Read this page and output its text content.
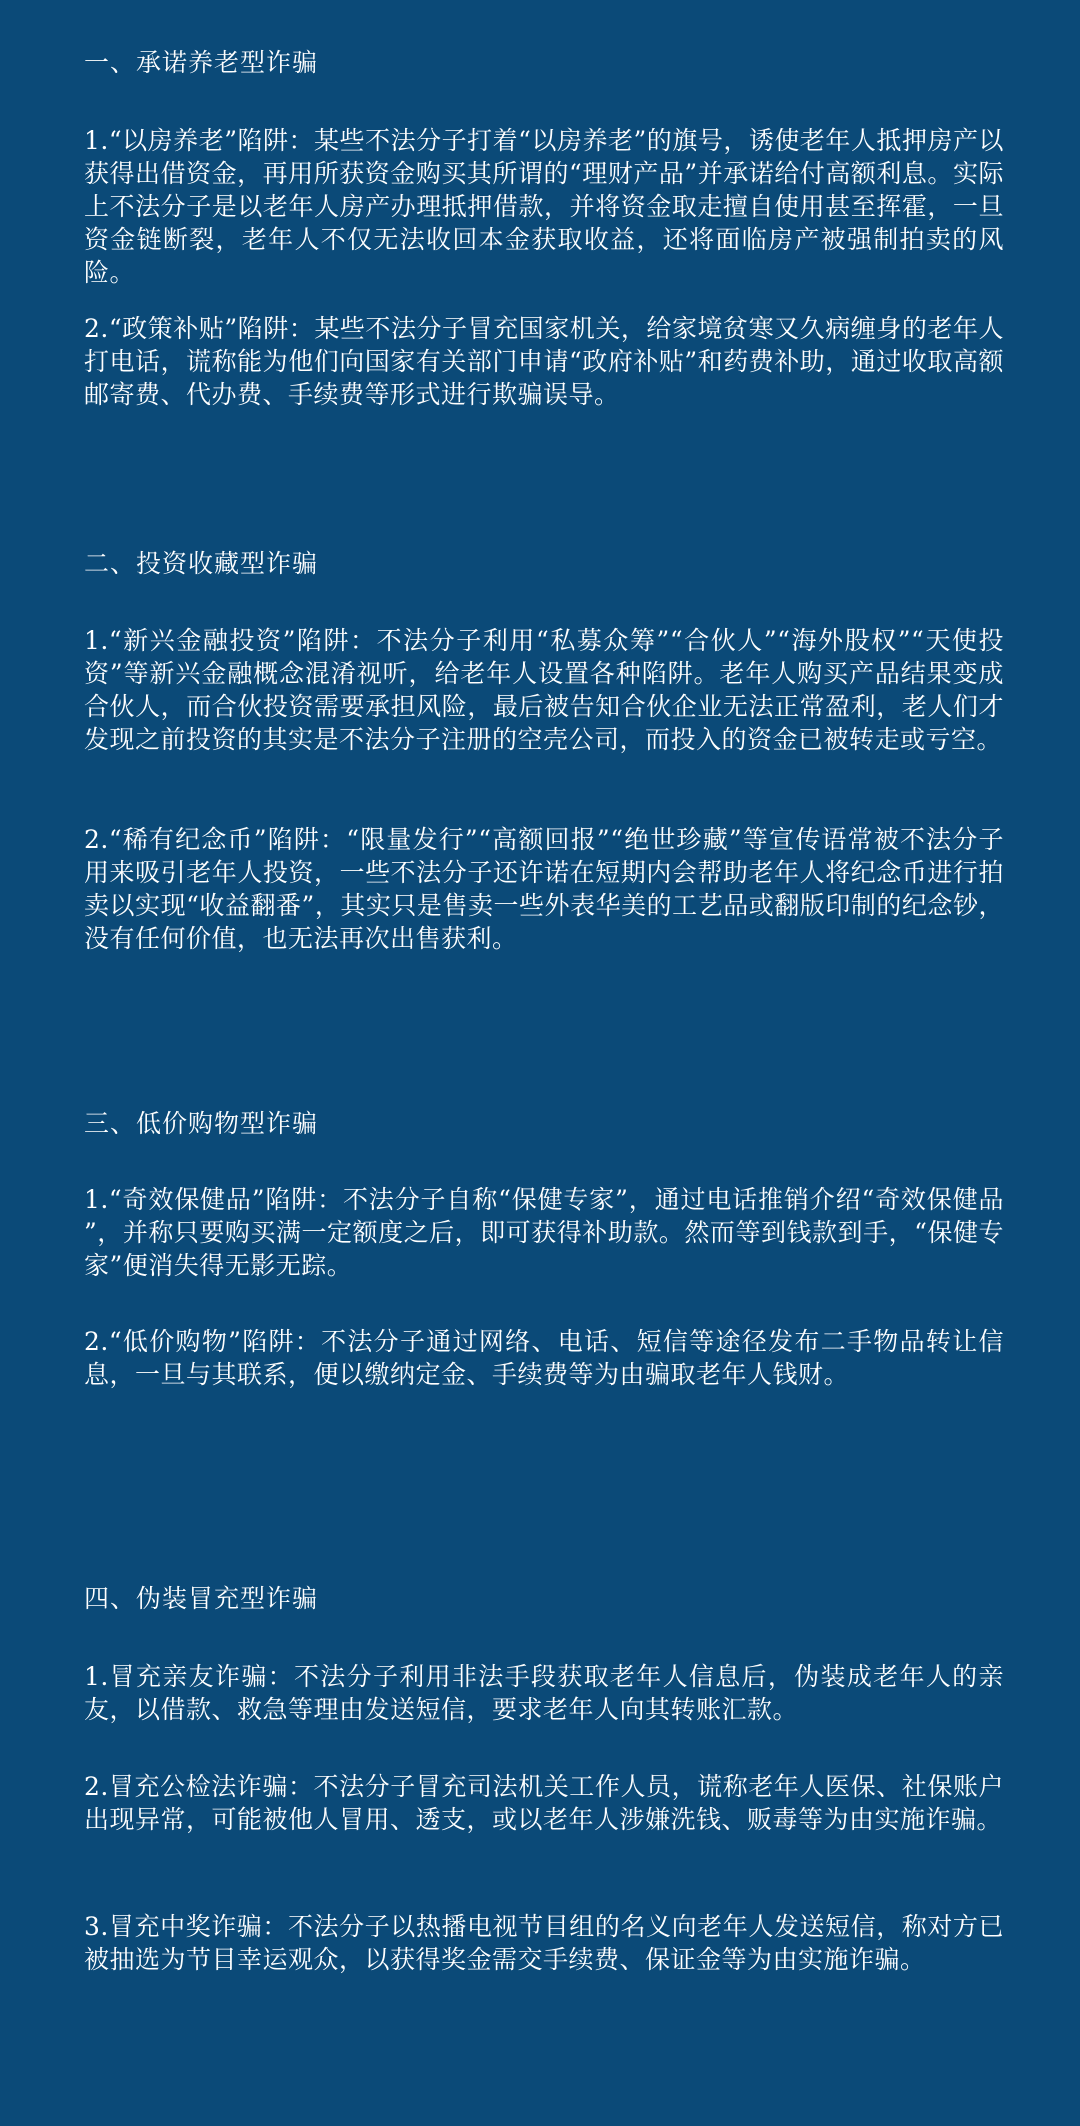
一、承诺养老型诈骗

1.“以房养老”陷阱：某些不法分子打着“以房养老”的旗号，诱使老年人抵押房产以获得出借资金，再用所获资金购买其所谓的“理财产品”并承诺给付高额利息。实际上不法分子是以老年人房产办理抵押借款，并将资金取走擅自使用甚至挥霍，一旦资金链断裂，老年人不仅无法收回本金获取收益，还将面临房产被强制拍卖的风险。

2.“政策补贴”陷阱：某些不法分子冒充国家机关，给家境贫寒又久病缠身的老年人打电话，谎称能为他们向国家有关部门申请“政府补贴”和药费补助，通过收取高额邮寄费、代办费、手续费等形式进行欺骗误导。

二、投资收藏型诈骗

1.“新兴金融投资”陷阱：不法分子利用“私募众筹”“合伙人”“海外股权”“天使投资”等新兴金融概念混淆视听，给老年人设置各种陷阱。老年人购买产品结果变成合伙人，而合伙投资需要承担风险，最后被告知合伙企业无法正常盈利，老人们才发现之前投资的其实是不法分子注册的空壳公司，而投入的资金已被转走或亏空。

2.“稀有纪念币”陷阱：“限量发行”“高额回报”“绝世珍藏”等宣传语常被不法分子用来吸引老年人投资，一些不法分子还许诺在短期内会帮助老年人将纪念币进行拍卖以实现“收益翻番”，其实只是售卖一些外表华美的工艺品或翻版印制的纪念钞，没有任何价值，也无法再次出售获利。

三、低价购物型诈骗

1.“奇效保健品”陷阱：不法分子自称“保健专家”，通过电话推销介绍“奇效保健品 ”，并称只要购买满一定额度之后，即可获得补助款。然而等到钱款到手，“保健专家”便消失得无影无踪。

2.“低价购物”陷阱：不法分子通过网络、电话、短信等途径发布二手物品转让信息，一旦与其联系，便以缴纳定金、手续费等为由骗取老年人钱财。

四、伪装冒充型诈骗

1.冒充亲友诈骗：不法分子利用非法手段获取老年人信息后，伪装成老年人的亲友，以借款、救急等理由发送短信，要求老年人向其转账汇款。

2.冒充公检法诈骗：不法分子冒充司法机关工作人员，谎称老年人医保、社保账户出现异常，可能被他人冒用、透支，或以老年人涉嫌洗钱、贩毒等为由实施诈骗。

3.冒充中奖诈骗：不法分子以热播电视节目组的名义向老年人发送短信，称对方已被抽选为节目幸运观众，以获得奖金需交手续费、保证金等为由实施诈骗。
